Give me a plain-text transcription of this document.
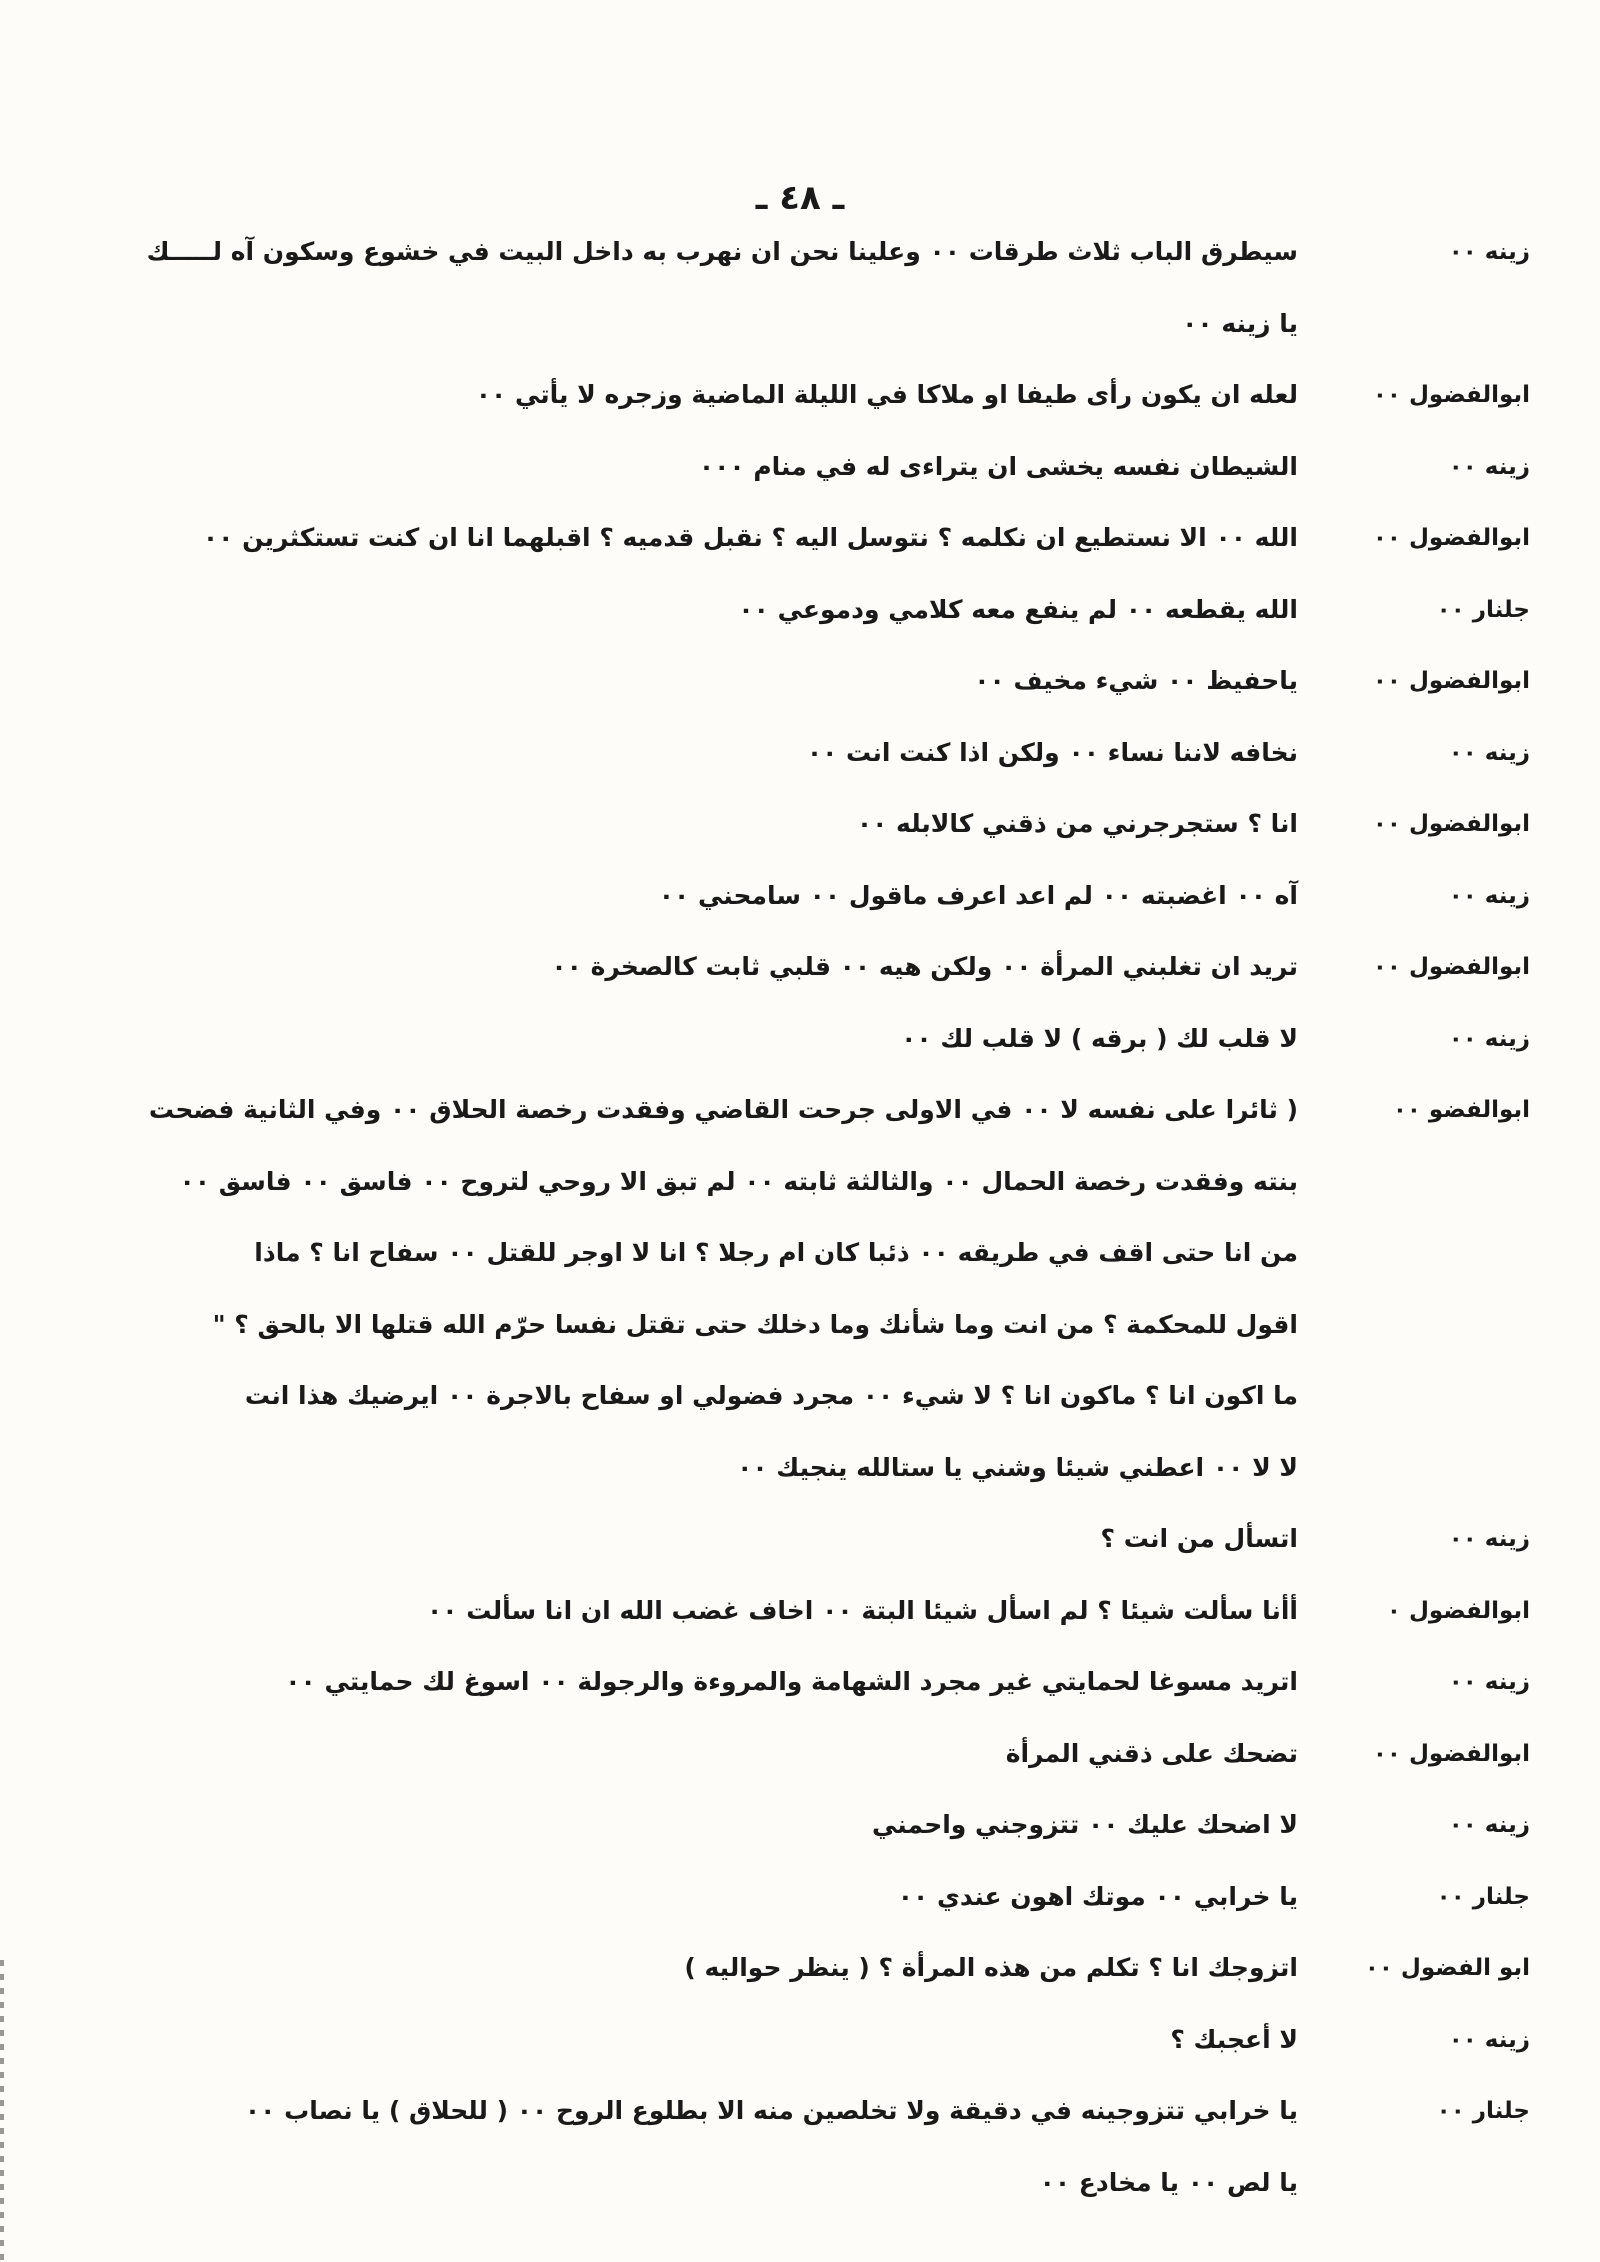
ـ ٤٨ ـ
زينه ٠٠
سيطرق الباب ثلاث طرقات ٠٠ وعلينا نحن ان نهرب به داخل البيت في خشوع وسكون آه لـــــك
يا زينه ٠٠
ابوالفضول ٠٠
لعله ان يكون رأى طيفا او ملاكا في الليلة الماضية وزجره لا يأتي ٠٠
زينه ٠٠
الشيطان نفسه يخشى ان يتراءى له في منام ٠٠٠
ابوالفضول ٠٠
الله ٠٠ الا نستطيع ان نكلمه ؟ نتوسل اليه ؟ نقبل قدميه ؟ اقبلهما انا ان كنت تستكثرين ٠٠
جلنار ٠٠
الله يقطعه ٠٠ لم ينفع معه كلامي ودموعي ٠٠
ابوالفضول ٠٠
ياحفيظ ٠٠ شيء مخيف ٠٠
زينه ٠٠
نخافه لاننا نساء ٠٠ ولكن اذا كنت انت ٠٠
ابوالفضول ٠٠
انا ؟ ستجرجرني من ذقني كالابله ٠٠
زينه ٠٠
آه ٠٠ اغضبته ٠٠ لم اعد اعرف ماقول ٠٠ سامحني ٠٠
ابوالفضول ٠٠
تريد ان تغلبني المرأة ٠٠ ولكن هيه ٠٠ قلبي ثابت كالصخرة ٠٠
زينه ٠٠
لا قلب لك ( برقه ) لا قلب لك ٠٠
ابوالفضو ٠٠
( ثائرا على نفسه لا ٠٠ في الاولى جرحت القاضي وفقدت رخصة الحلاق ٠٠ وفي الثانية فضحت
بنته وفقدت رخصة الحمال ٠٠ والثالثة ثابته ٠٠ لم تبق الا روحي لتروح ٠٠ فاسق ٠٠ فاسق ٠٠
من انا حتى اقف في طريقه ٠٠ ذئبا كان ام رجلا ؟ انا لا اوجر للقتل ٠٠ سفاح انا ؟ ماذا
اقول للمحكمة ؟ من انت وما شأنك وما دخلك حتى تقتل نفسا حرّم الله قتلها الا بالحق ؟ "
ما اكون انا ؟ ماكون انا ؟ لا شيء ٠٠ مجرد فضولي او سفاح بالاجرة ٠٠ ايرضيك هذا انت
لا لا ٠٠ اعطني شيئا وشني يا ستالله ينجيك ٠٠
زينه ٠٠
اتسأل من انت ؟
ابوالفضول ٠
أأنا سألت شيئا ؟ لم اسأل شيئا البتة ٠٠ اخاف غضب الله ان انا سألت ٠٠
زينه ٠٠
اتريد مسوغا لحمايتي غير مجرد الشهامة والمروءة والرجولة ٠٠ اسوغ لك حمايتي ٠٠
ابوالفضول ٠٠
تضحك على ذقني المرأة
زينه ٠٠
لا اضحك عليك ٠٠ تتزوجني واحمني
جلنار ٠٠
يا خرابي ٠٠ موتك اهون عندي ٠٠
ابو الفضول ٠٠
اتزوجك انا ؟ تكلم من هذه المرأة ؟ ( ينظر حواليه )
زينه ٠٠
لا أعجبك ؟
جلنار ٠٠
يا خرابي تتزوجينه في دقيقة ولا تخلصين منه الا بطلوع الروح ٠٠ ( للحلاق ) يا نصاب ٠٠
يا لص ٠٠ يا مخادع ٠٠
